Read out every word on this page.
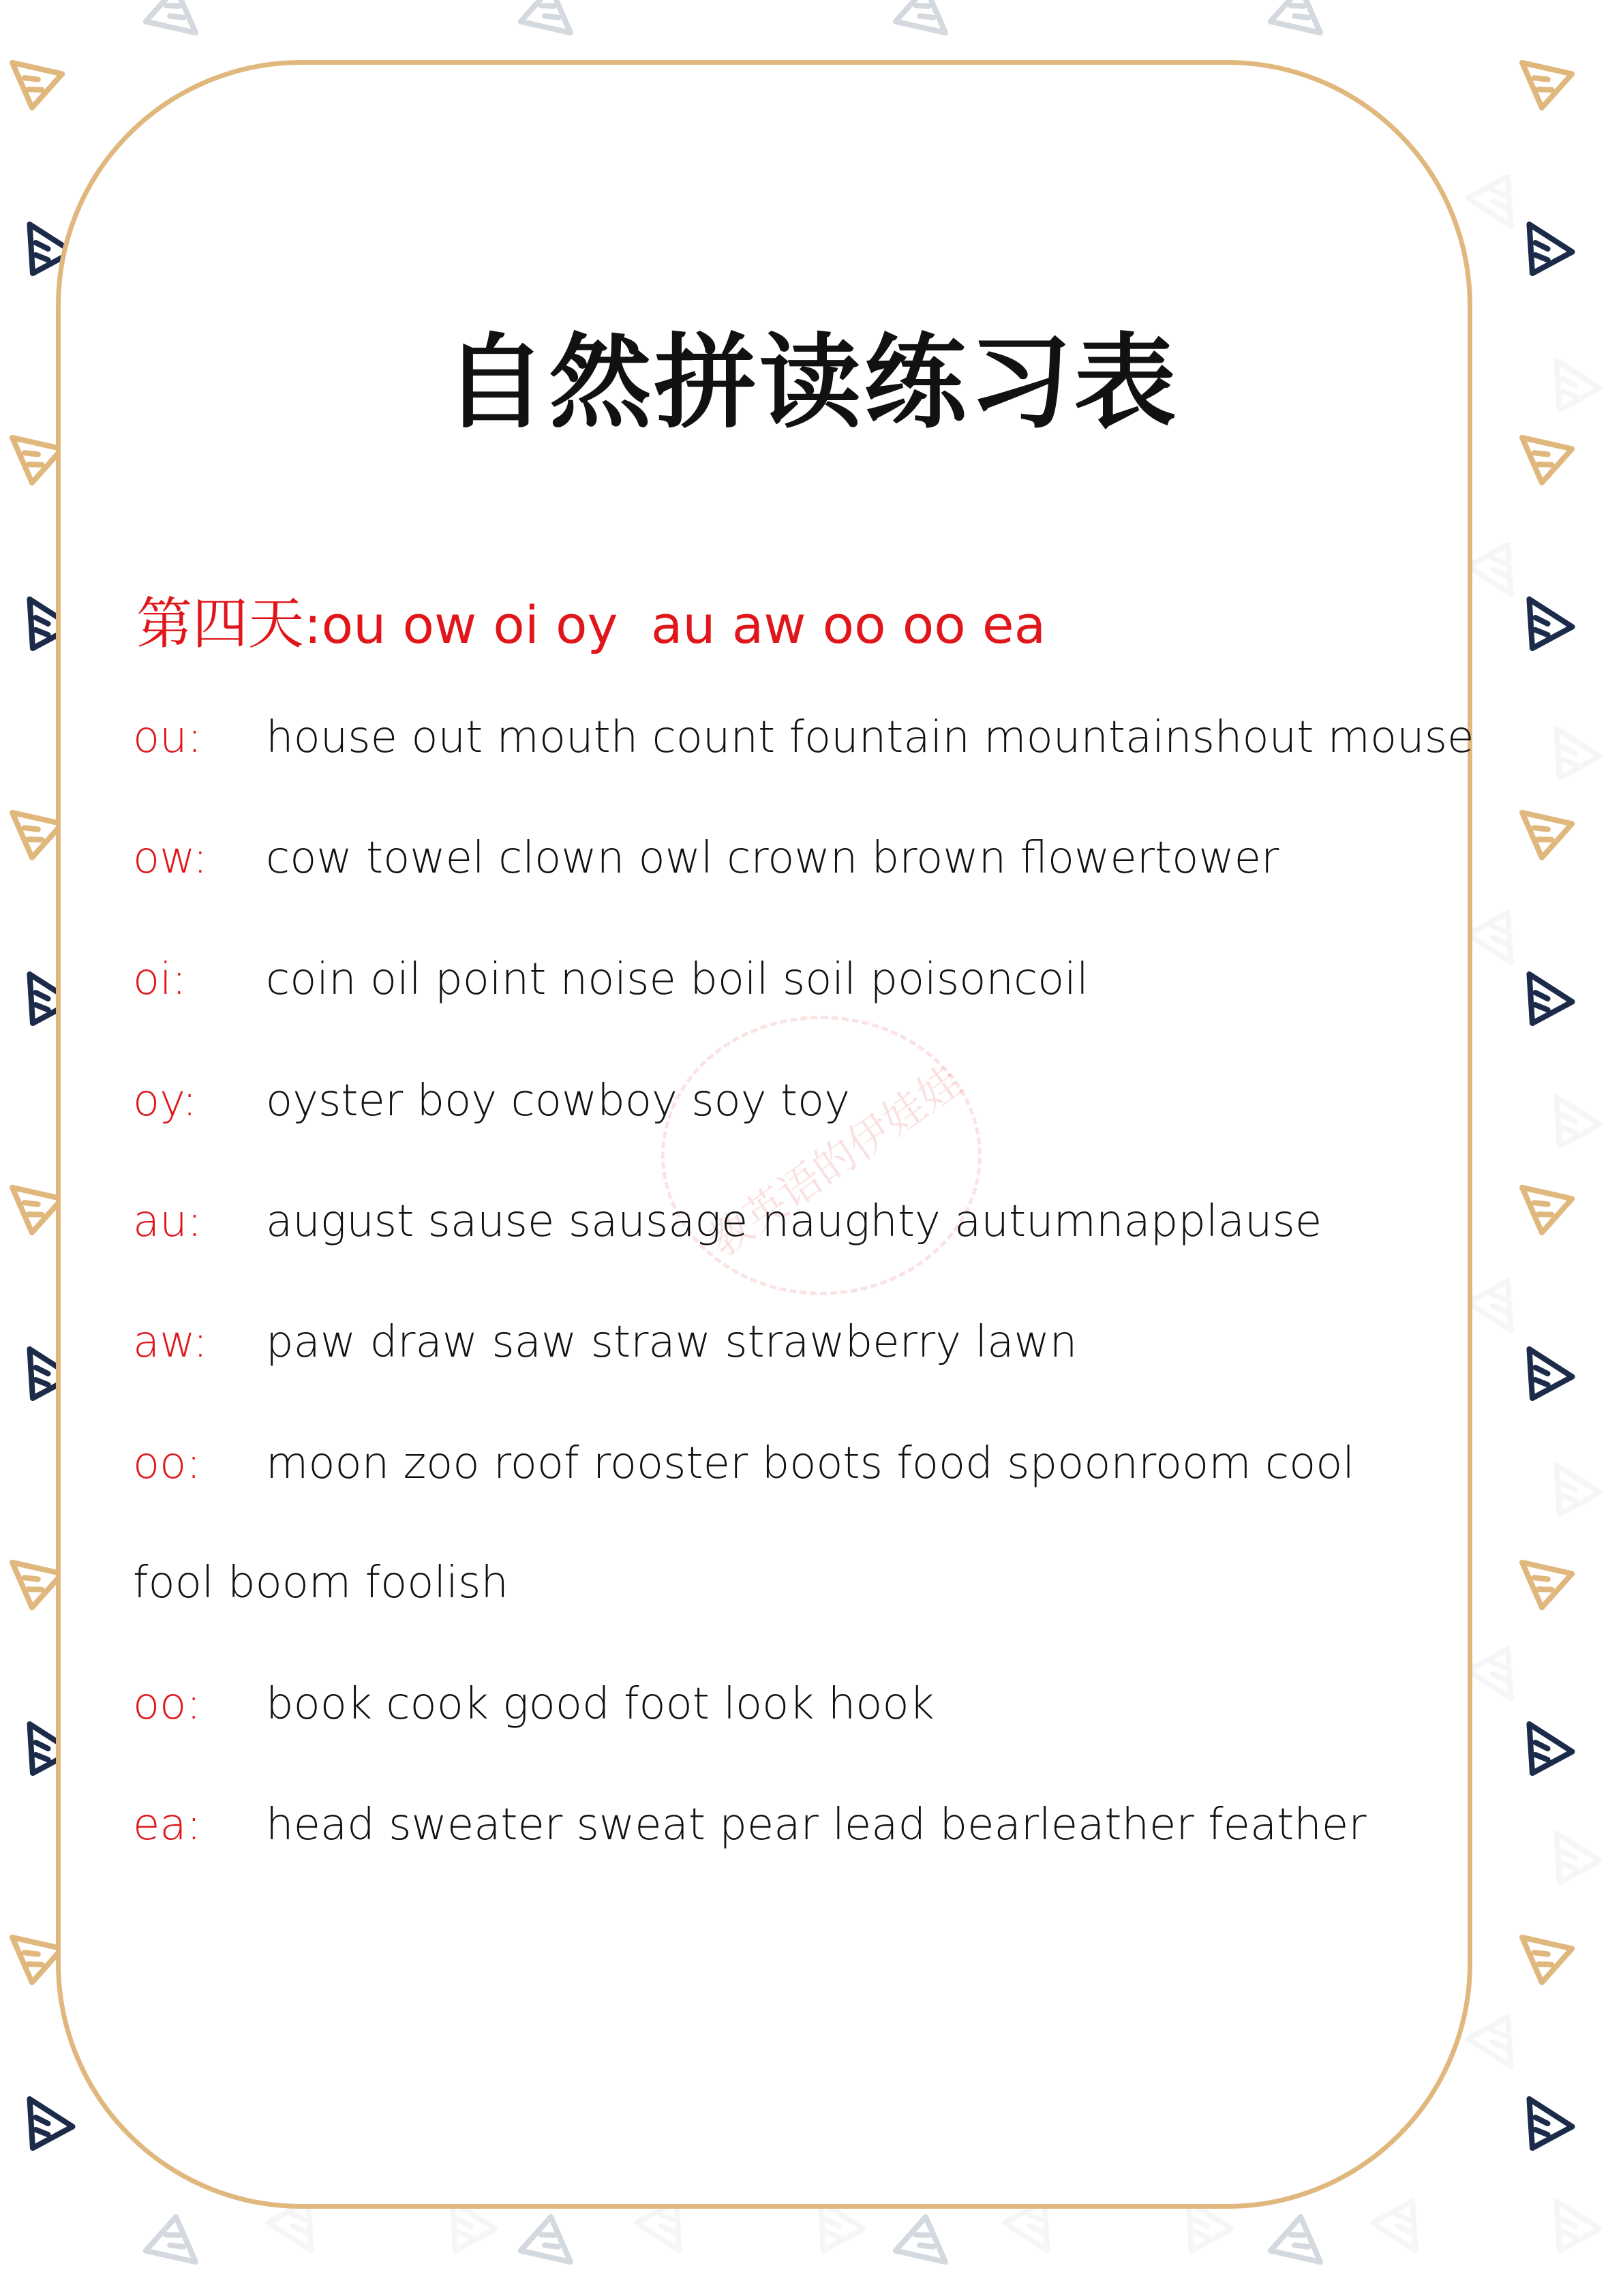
自然拼读练习表
第四天:ou ow oi oy  au aw oo oo ea
教英语的伊娃娃
ou: house out mouth count fountain mountainshout mouse
ow: cow towel clown owl crown brown flowertower
oi: coin oil point noise boil soil poisoncoil
oy: oyster boy cowboy soy toy
au: august sause sausage naughty autumnapplause
aw: paw draw saw straw strawberry lawn
oo: moon zoo roof rooster boots food spoonroom cool
fool boom foolish
oo: book cook good foot look hook
ea: head sweater sweat pear lead bearleather feather
